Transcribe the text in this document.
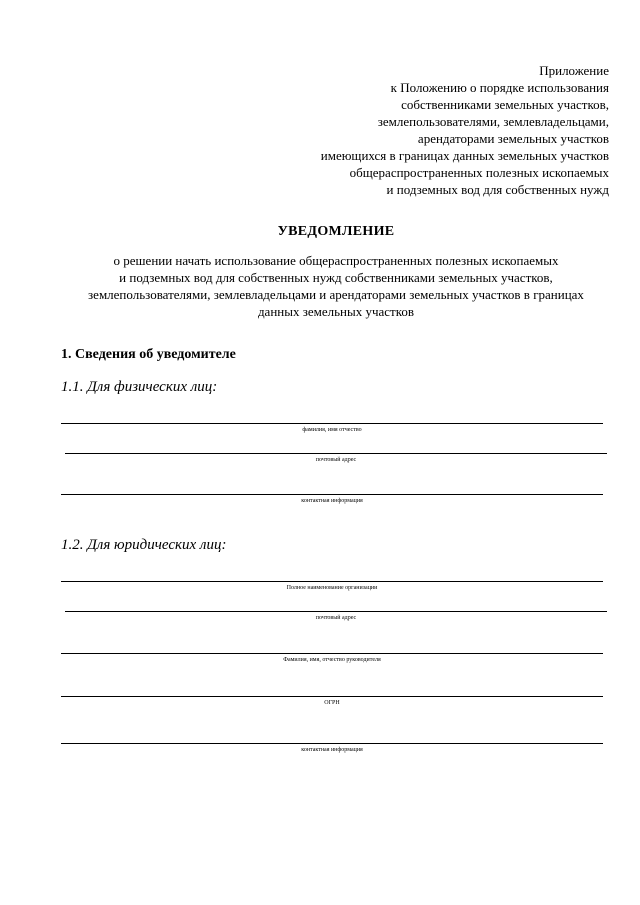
Приложение
к Положению о порядке использования
собственниками земельных участков,
землепользователями, землевладельцами,
арендаторами земельных участков
имеющихся в границах данных земельных участков
общераспространенных полезных ископаемых
и подземных вод для собственных нужд
УВЕДОМЛЕНИЕ
о решении начать использование общераспространенных полезных ископаемых
и подземных вод для собственных нужд собственниками земельных участков,
землепользователями, землевладельцами и арендаторами земельных участков в границах
данных земельных участков
1. Сведения об уведомителе
1.1. Для физических лиц:
фамилия, имя отчество
почтовый адрес
контактная информация
1.2. Для юридических лиц:
Полное наименование организации
почтовый адрес
Фамилия, имя, отчество руководителя
ОГРН
контактная информация
